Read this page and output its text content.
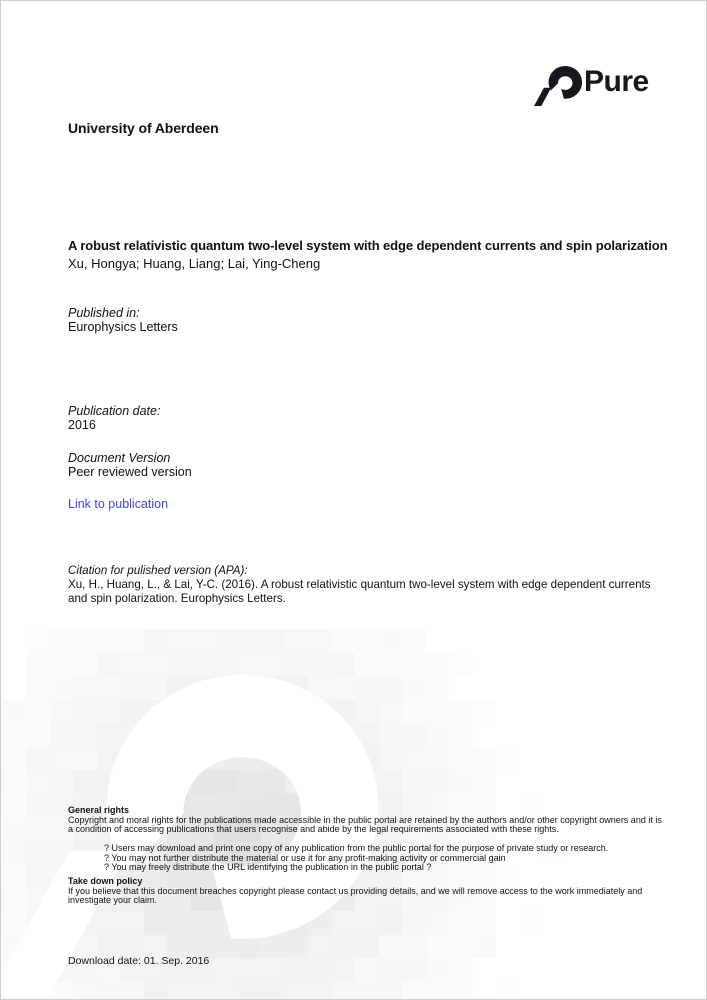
Pure
University of Aberdeen

A robust relativistic quantum two-level system with edge dependent currents and spin polarization

Xu, Hongya; Huang, Liang; Lai, Ying-Cheng

Published in:
Europhysics Letters
Publication date:
2016
Document Version
Peer reviewed version
Link to publication
Citation for pulished version (APA):
Xu, H., Huang, L., & Lai, Y-C. (2016). A robust relativistic quantum two-level system with edge dependent currents and spin polarization. Europhysics Letters.
General rights
Copyright and moral rights for the publications made accessible in the public portal are retained by the authors and/or other copyright owners and it is a condition of accessing publications that users recognise and abide by the legal requirements associated with these rights.
? Users may download and print one copy of any publication from the public portal for the purpose of private study or research.
? You may not further distribute the material or use it for any profit-making activity or commercial gain
? You may freely distribute the URL identifying the publication in the public portal ?
Take down policy
If you believe that this document breaches copyright please contact us providing details, and we will remove access to the work immediately and investigate your claim.
Download date: 01. Sep. 2016
